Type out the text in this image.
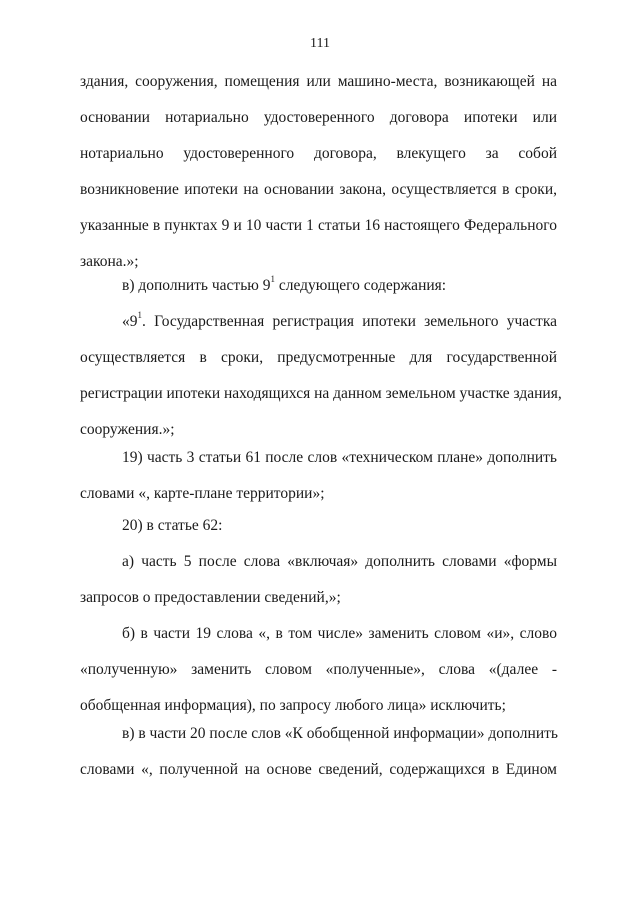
111
здания, сооружения, помещения или машино-места, возникающей на
основании нотариально удостоверенного договора ипотеки или
нотариально удостоверенного договора, влекущего за собой
возникновение ипотеки на основании закона, осуществляется в сроки,
указанные в пунктах 9 и 10 части 1 статьи 16 настоящего Федерального
закона.»;
в) дополнить частью $9^1$ следующего содержания:
«$9^1$. Государственная регистрация ипотеки земельного участка
осуществляется в сроки, предусмотренные для государственной
регистрации ипотеки находящихся на данном земельном участке здания,
сооружения.»;
19) часть 3 статьи 61 после слов «техническом плане» дополнить
словами «, карте-плане территории»;
20) в статье 62:
а) часть 5 после слова «включая» дополнить словами «формы
запросов о предоставлении сведений,»;
б) в части 19 слова «, в том числе» заменить словом «и», слово
«полученную» заменить словом «полученные», слова «(далее -
обобщенная информация), по запросу любого лица» исключить;
в) в части 20 после слов «К обобщенной информации» дополнить
словами «, полученной на основе сведений, содержащихся в Едином
